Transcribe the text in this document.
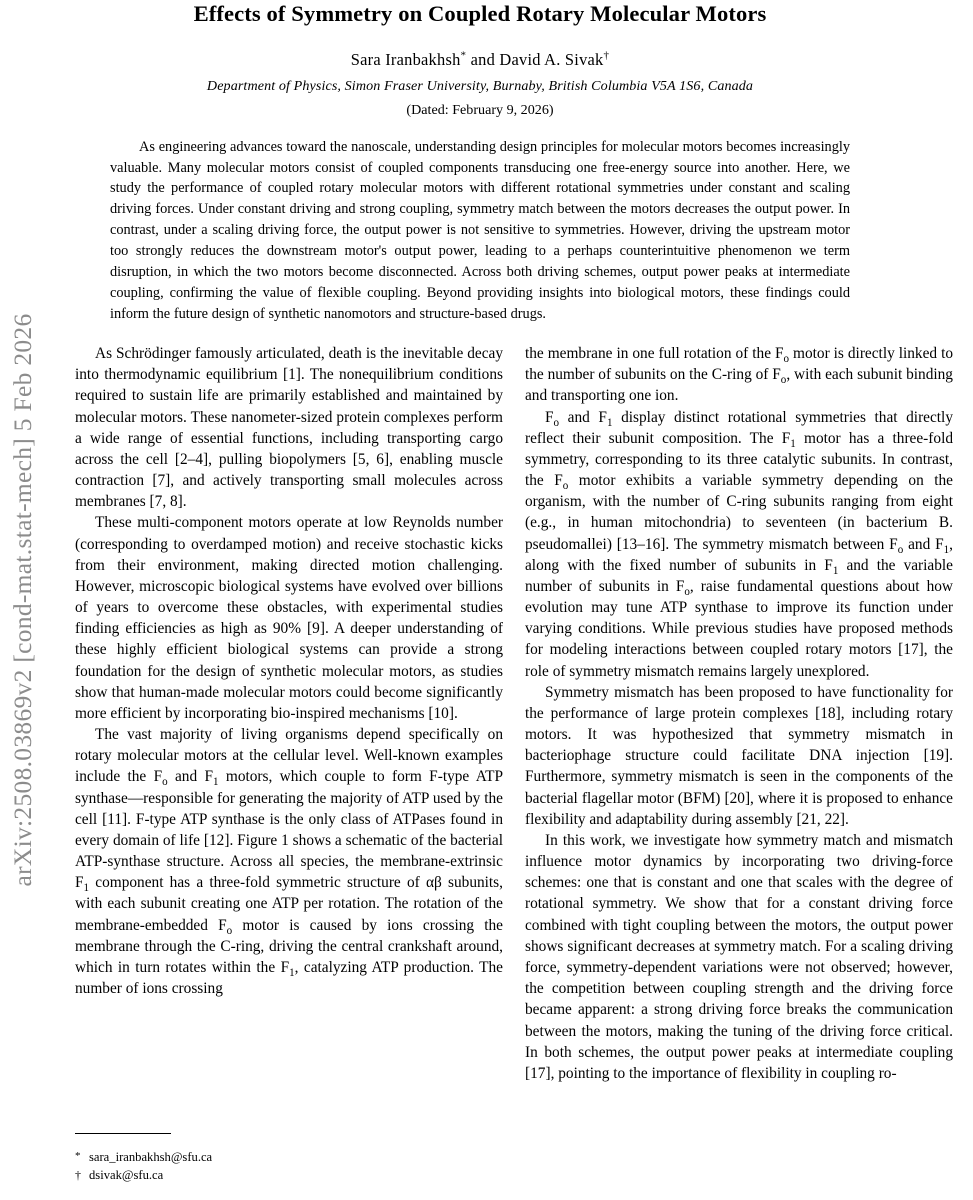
arXiv:2508.03869v2 [cond-mat.stat-mech] 5 Feb 2026
Effects of Symmetry on Coupled Rotary Molecular Motors
Sara Iranbakhsh* and David A. Sivak†
Department of Physics, Simon Fraser University, Burnaby, British Columbia V5A 1S6, Canada
(Dated: February 9, 2026)
As engineering advances toward the nanoscale, understanding design principles for molecular motors becomes increasingly valuable. Many molecular motors consist of coupled components transducing one free-energy source into another. Here, we study the performance of coupled rotary molecular motors with different rotational symmetries under constant and scaling driving forces. Under constant driving and strong coupling, symmetry match between the motors decreases the output power. In contrast, under a scaling driving force, the output power is not sensitive to symmetries. However, driving the upstream motor too strongly reduces the downstream motor's output power, leading to a perhaps counterintuitive phenomenon we term disruption, in which the two motors become disconnected. Across both driving schemes, output power peaks at intermediate coupling, confirming the value of flexible coupling. Beyond providing insights into biological motors, these findings could inform the future design of synthetic nanomotors and structure-based drugs.

As Schrödinger famously articulated, death is the inevitable decay into thermodynamic equilibrium [1]. The nonequilibrium conditions required to sustain life are primarily established and maintained by molecular motors. These nanometer-sized protein complexes perform a wide range of essential functions, including transporting cargo across the cell [2–4], pulling biopolymers [5, 6], enabling muscle contraction [7], and actively transporting small molecules across membranes [7, 8].

These multi-component motors operate at low Reynolds number (corresponding to overdamped motion) and receive stochastic kicks from their environment, making directed motion challenging. However, microscopic biological systems have evolved over billions of years to overcome these obstacles, with experimental studies finding efficiencies as high as 90% [9]. A deeper understanding of these highly efficient biological systems can provide a strong foundation for the design of synthetic molecular motors, as studies show that human-made molecular motors could become significantly more efficient by incorporating bio-inspired mechanisms [10].

The vast majority of living organisms depend specifically on rotary molecular motors at the cellular level. Well-known examples include the $F_o$ and $F_1$ motors, which couple to form F-type ATP synthase—responsible for generating the majority of ATP used by the cell [11]. F-type ATP synthase is the only class of ATPases found in every domain of life [12]. Figure 1 shows a schematic of the bacterial ATP-synthase structure. Across all species, the membrane-extrinsic $F_1$ component has a three-fold symmetric structure of αβ subunits, with each subunit creating one ATP per rotation. The rotation of the membrane-embedded $F_o$ motor is caused by ions crossing the membrane through the C-ring, driving the central crankshaft around, which in turn rotates within the $F_1$, catalyzing ATP production. The number of ions crossing

the membrane in one full rotation of the $F_o$ motor is directly linked to the number of subunits on the C-ring of $F_o$, with each subunit binding and transporting one ion.

$F_o$ and $F_1$ display distinct rotational symmetries that directly reflect their subunit composition. The $F_1$ motor has a three-fold symmetry, corresponding to its three catalytic subunits. In contrast, the $F_o$ motor exhibits a variable symmetry depending on the organism, with the number of C-ring subunits ranging from eight (e.g., in human mitochondria) to seventeen (in bacterium B. pseudomallei) [13–16]. The symmetry mismatch between $F_o$ and $F_1$, along with the fixed number of subunits in $F_1$ and the variable number of subunits in $F_o$, raise fundamental questions about how evolution may tune ATP synthase to improve its function under varying conditions. While previous studies have proposed methods for modeling interactions between coupled rotary motors [17], the role of symmetry mismatch remains largely unexplored.

Symmetry mismatch has been proposed to have functionality for the performance of large protein complexes [18], including rotary motors. It was hypothesized that symmetry mismatch in bacteriophage structure could facilitate DNA injection [19]. Furthermore, symmetry mismatch is seen in the components of the bacterial flagellar motor (BFM) [20], where it is proposed to enhance flexibility and adaptability during assembly [21, 22].

In this work, we investigate how symmetry match and mismatch influence motor dynamics by incorporating two driving-force schemes: one that is constant and one that scales with the degree of rotational symmetry. We show that for a constant driving force combined with tight coupling between the motors, the output power shows significant decreases at symmetry match. For a scaling driving force, symmetry-dependent variations were not observed; however, the competition between coupling strength and the driving force became apparent: a strong driving force breaks the communication between the motors, making the tuning of the driving force critical. In both schemes, the output power peaks at intermediate coupling [17], pointing to the importance of flexibility in coupling ro-

* sara_iranbakhsh@sfu.ca
† dsivak@sfu.ca
